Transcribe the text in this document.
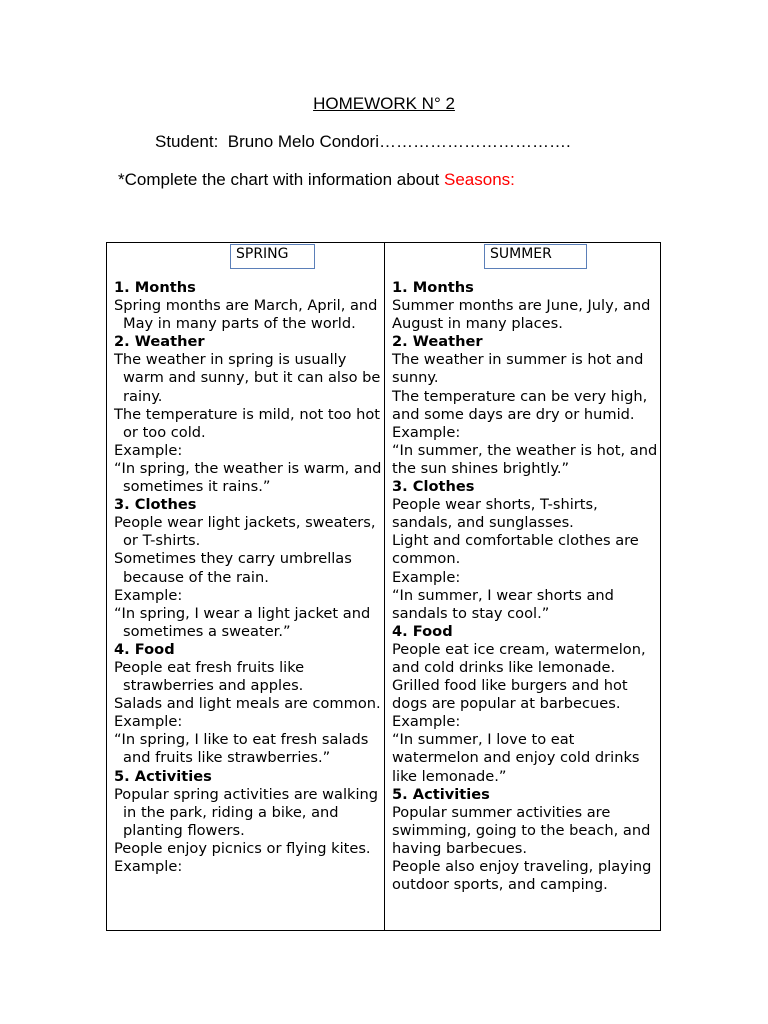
HOMEWORK N° 2
Student: Bruno Melo Condori…………………………….
*Complete the chart with information about Seasons:
SPRING
1. Months
Spring months are March, April, and May in many parts of the world.
2. Weather
The weather in spring is usually warm and sunny, but it can also be rainy.
The temperature is mild, not too hot or too cold.
Example:
“In spring, the weather is warm, and sometimes it rains.”
3. Clothes
People wear light jackets, sweaters, or T-shirts.
Sometimes they carry umbrellas because of the rain.
Example:
“In spring, I wear a light jacket and sometimes a sweater.”
4. Food
People eat fresh fruits like strawberries and apples.
Salads and light meals are common.
Example:
“In spring, I like to eat fresh salads and fruits like strawberries.”
5. Activities
Popular spring activities are walking in the park, riding a bike, and planting flowers.
People enjoy picnics or flying kites.
Example:
SUMMER
1. Months
Summer months are June, July, and August in many places.
2. Weather
The weather in summer is hot and sunny.
The temperature can be very high, and some days are dry or humid.
Example:
“In summer, the weather is hot, and the sun shines brightly.”
3. Clothes
People wear shorts, T-shirts, sandals, and sunglasses.
Light and comfortable clothes are common.
Example:
“In summer, I wear shorts and sandals to stay cool.”
4. Food
People eat ice cream, watermelon, and cold drinks like lemonade.
Grilled food like burgers and hot dogs are popular at barbecues.
Example:
“In summer, I love to eat watermelon and enjoy cold drinks like lemonade.”
5. Activities
Popular summer activities are swimming, going to the beach, and having barbecues.
People also enjoy traveling, playing outdoor sports, and camping.
